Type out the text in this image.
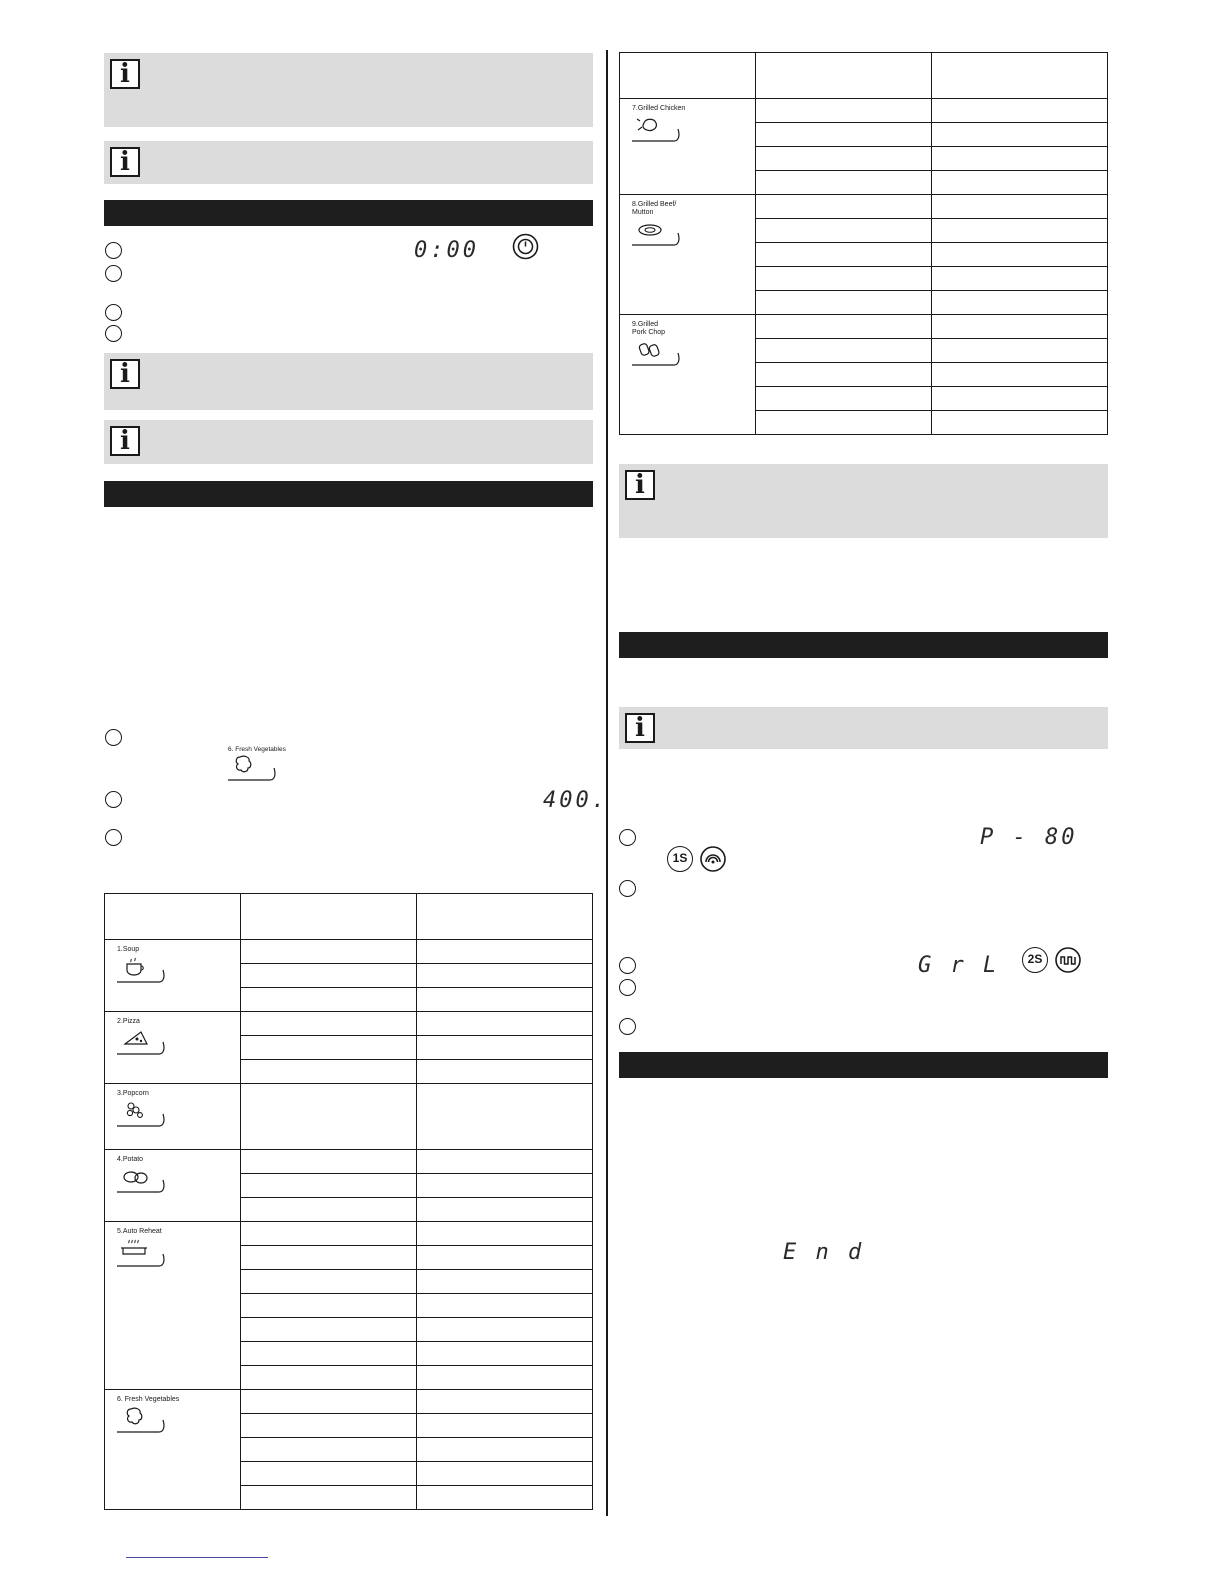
i
i
0:00
i
i
6. Fresh Vegetables
400.

1.Soup		

2.Pizza		

3.Popcorn		

4.Potato		

5.Auto Reheat		

6. Fresh Vegetables		

7.Grilled Chicken		

8.Grilled Beef/
Mutton		

9.Grilled
Pork Chop		

i
i
P - 80
1S
G r L	2S
E n d
